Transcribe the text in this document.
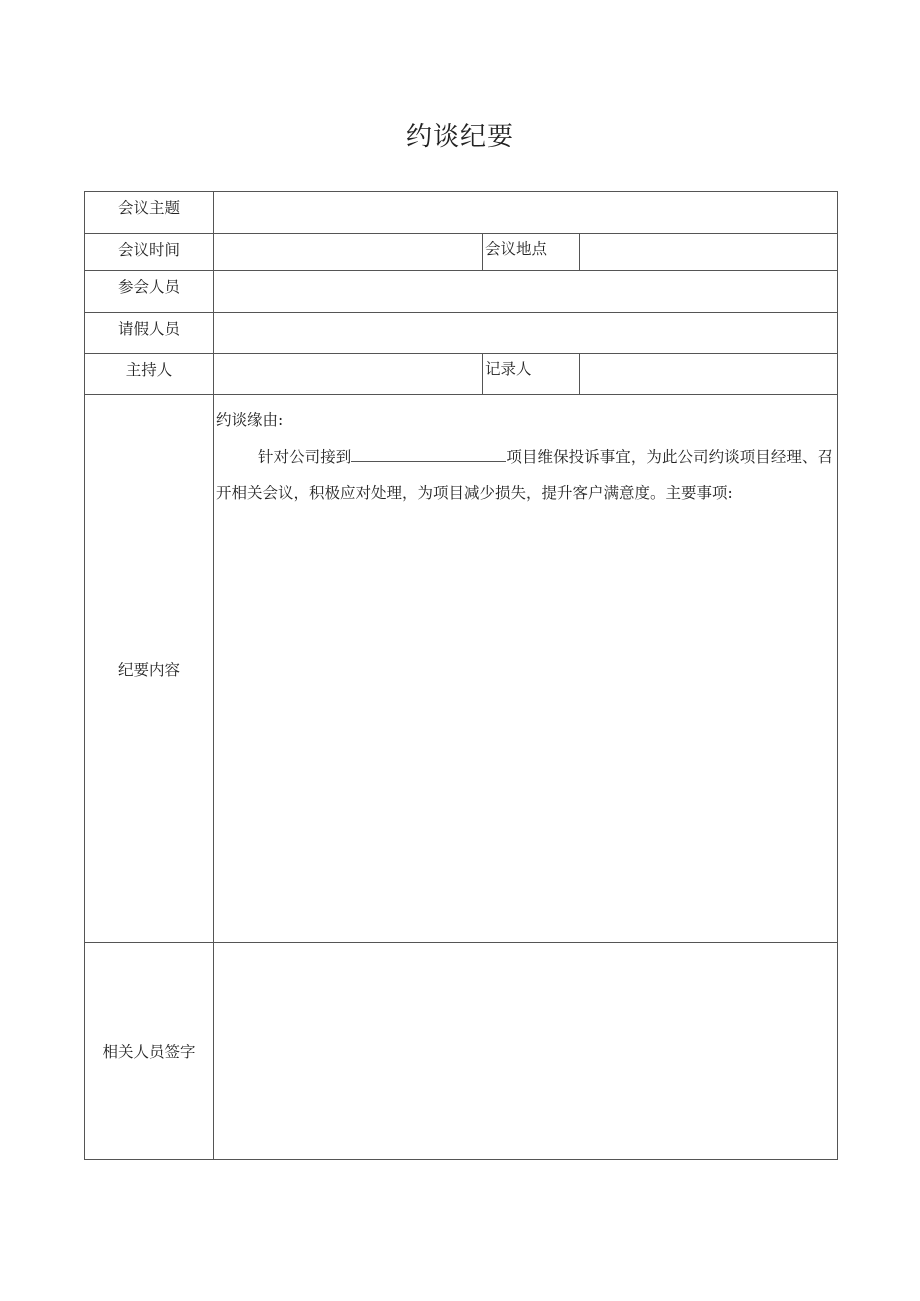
约谈纪要
会议主题			
会议时间		会议地点	
参会人员			
请假人员			
主持人		记录人	
纪要内容	约谈缘由:
针对公司接到 项目维保投诉事宜，为此公司约谈项目经理、召开相关会议，积极应对处理，为项目减少损失，提升客户满意度。主要事项:		

相关人员签字			
